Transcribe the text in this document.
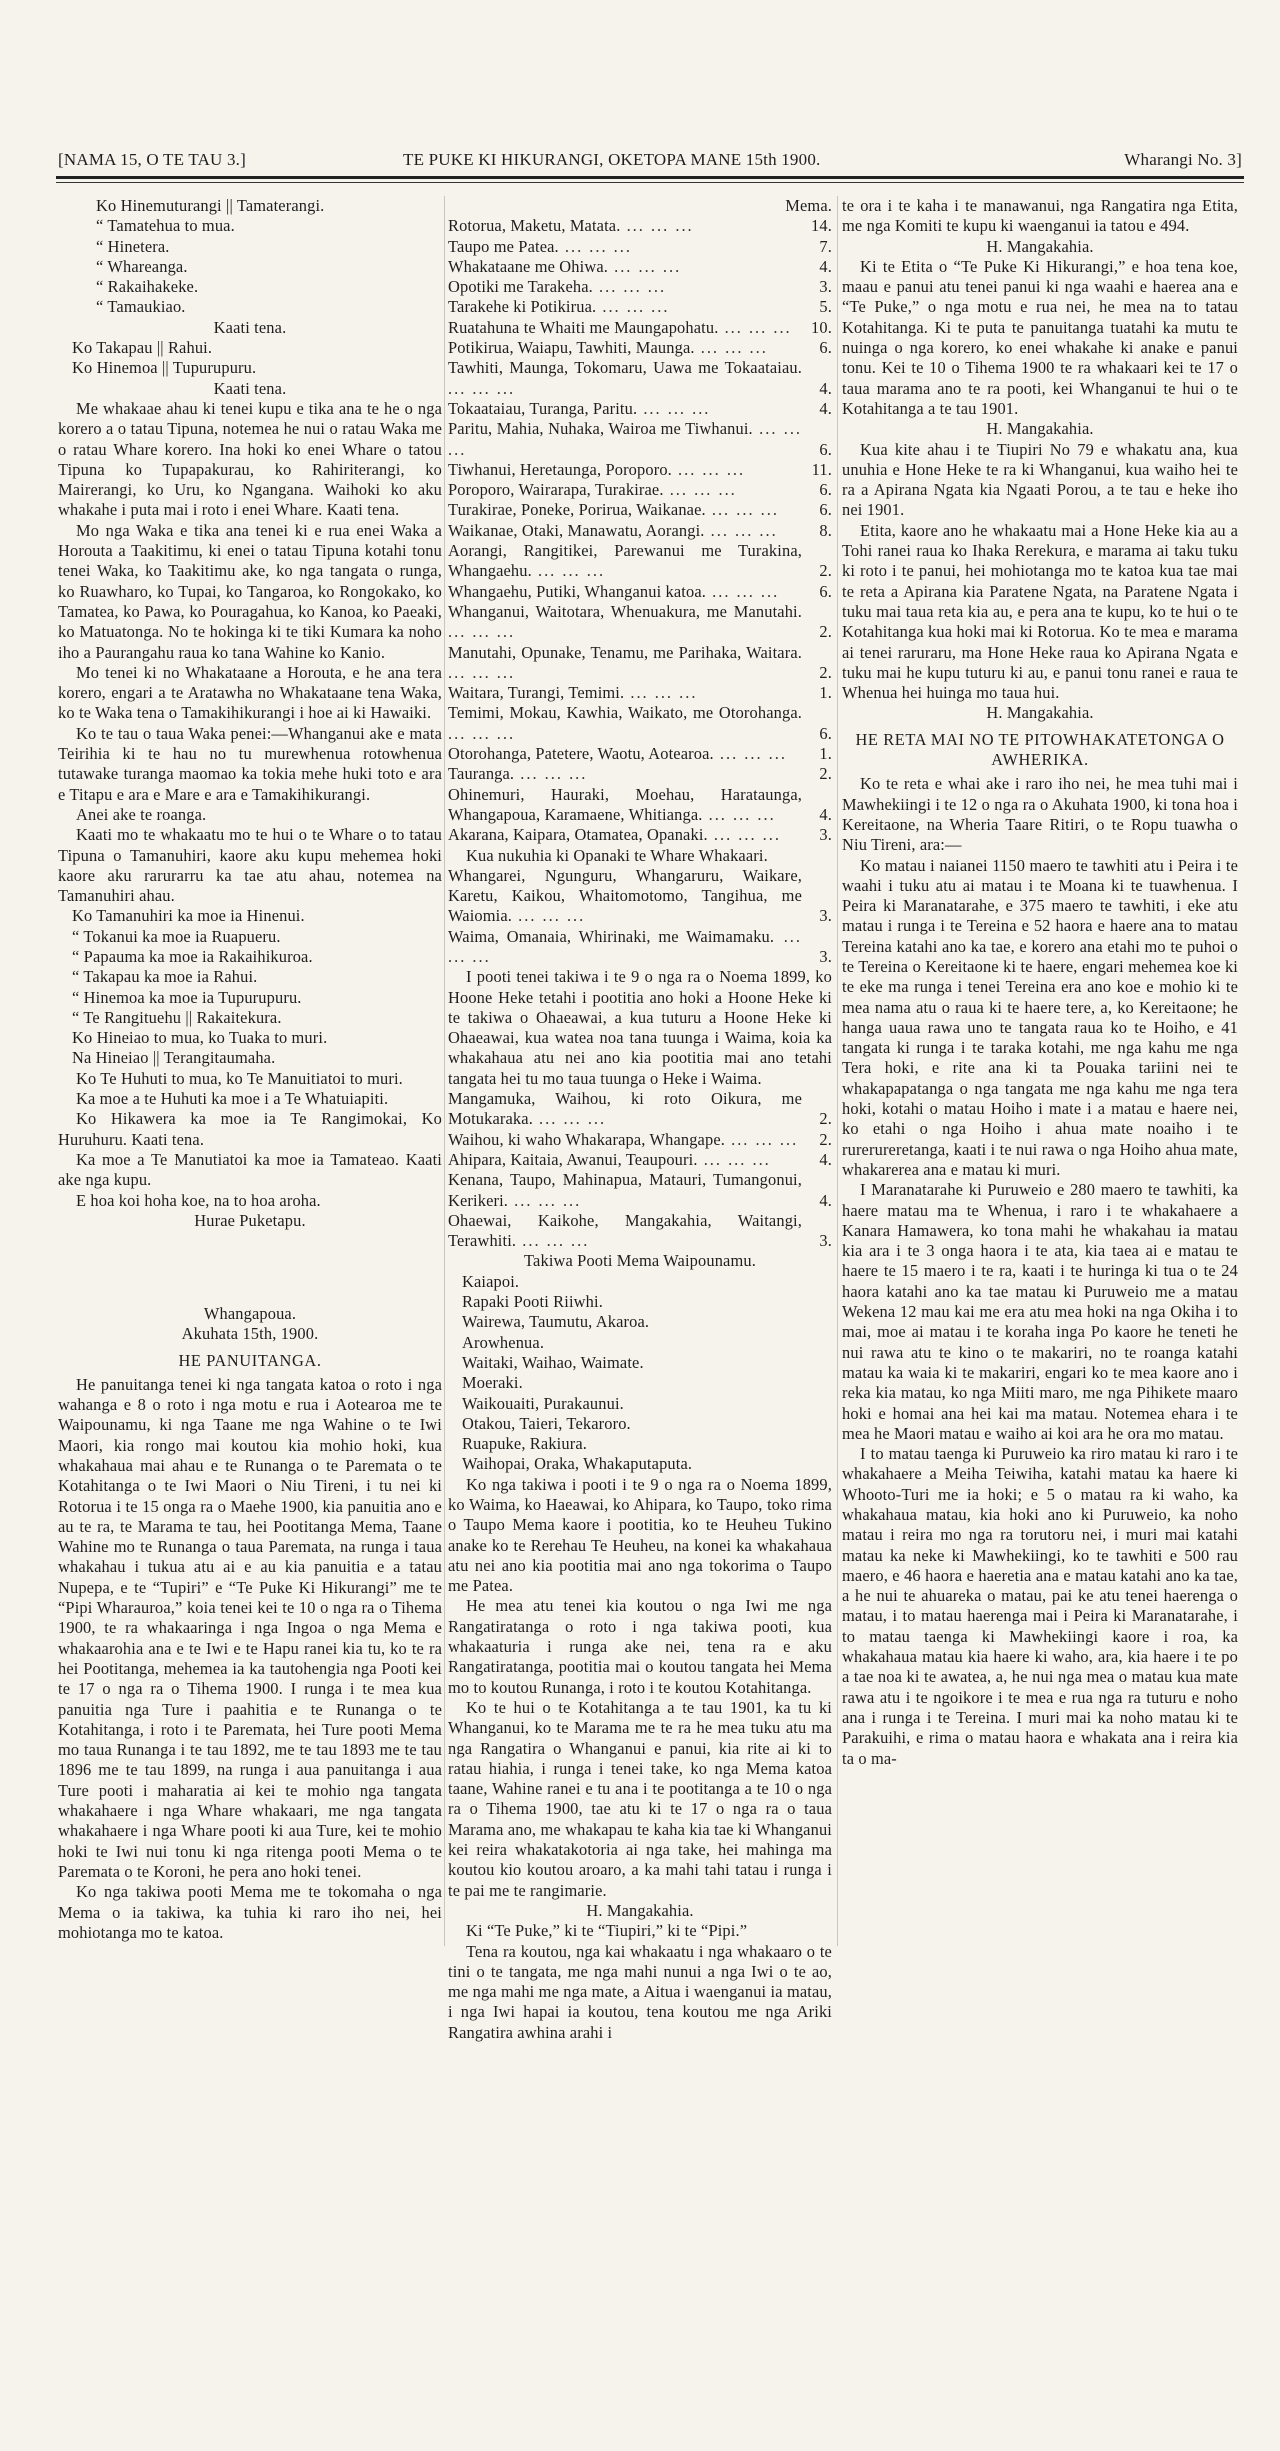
[NAMA 15, O TE TAU 3.]	TE PUKE KI HIKURANGI, OKETOPA MANE 15th 1900.	Wharangi No. 3]

Ko Hinemuturangi || Tamaterangi.

“ Tamatehua to mua.

“ Hinetera.

“ Whareanga.

“ Rakaihakeke.

“ Tamaukiao.

Kaati tena.

Ko Takapau || Rahui.

Ko Hinemoa || Tupurupuru.

Kaati tena.

Me whakaae ahau ki tenei kupu e tika ana te he o nga korero a o tatau Tipuna, notemea he nui o ratau Waka me o ratau Whare korero. Ina hoki ko enei Whare o tatou Tipuna ko Tupapakurau, ko Rahiriterangi, ko Mairerangi, ko Uru, ko Ngangana. Waihoki ko aku whakahe i puta mai i roto i enei Whare. Kaati tena.

Mo nga Waka e tika ana tenei ki e rua enei Waka a Horouta a Taakitimu, ki enei o tatau Tipuna kotahi tonu tenei Waka, ko Taakitimu ake, ko nga tangata o runga, ko Ruawharo, ko Tupai, ko Tangaroa, ko Rongokako, ko Tamatea, ko Pawa, ko Pouragahua, ko Kanoa, ko Paeaki, ko Matuatonga. No te hokinga ki te tiki Kumara ka noho iho a Paurangahu raua ko tana Wahine ko Kanio.

Mo tenei ki no Whakataane a Horouta, e he ana tera korero, engari a te Aratawha no Whakataane tena Waka, ko te Waka tena o Tamakihikurangi i hoe ai ki Hawaiki.

Ko te tau o taua Waka penei:—Whanganui ake e mata Teirihia ki te hau no tu murewhenua rotowhenua tutawake turanga maomao ka tokia mehe huki toto e ara e Titapu e ara e Mare e ara e Tamakihikurangi.

Anei ake te roanga.

Kaati mo te whakaatu mo te hui o te Whare o to tatau Tipuna o Tamanuhiri, kaore aku kupu mehemea hoki kaore aku rarurarru ka tae atu ahau, notemea na Tamanuhiri ahau.

Ko Tamanuhiri ka moe ia Hinenui.

“ Tokanui ka moe ia Ruapueru.

“ Papauma ka moe ia Rakaihikuroa.

“ Takapau ka moe ia Rahui.

“ Hinemoa ka moe ia Tupurupuru.

“ Te Rangituehu || Rakaitekura.

Ko Hineiao to mua, ko Tuaka to muri.

Na Hineiao || Terangitaumaha.

Ko Te Huhuti to mua, ko Te Manuitiatoi to muri.

Ka moe a te Huhuti ka moe i a Te Whatuiapiti.

Ko Hikawera ka moe ia Te Rangimokai, Ko Huruhuru. Kaati tena.

Ka moe a Te Manutiatoi ka moe ia Tamateao. Kaati ake nga kupu.

E hoa koi hoha koe, na to hoa aroha.

Hurae Puketapu.

Whangapoua.

Akuhata 15th, 1900.

HE PANUITANGA.

He panuitanga tenei ki nga tangata katoa o roto i nga wahanga e 8 o roto i nga motu e rua i Aotearoa me te Waipounamu, ki nga Taane me nga Wahine o te Iwi Maori, kia rongo mai koutou kia mohio hoki, kua whakahaua mai ahau e te Runanga o te Paremata o te Kotahitanga o te Iwi Maori o Niu Tireni, i tu nei ki Rotorua i te 15 onga ra o Maehe 1900, kia panuitia ano e au te ra, te Marama te tau, hei Pootitanga Mema, Taane Wahine mo te Runanga o taua Paremata, na runga i taua whakahau i tukua atu ai e au kia panuitia e a tatau Nupepa, e te “Tupiri” e “Te Puke Ki Hikurangi” me te “Pipi Wharauroa,” koia tenei kei te 10 o nga ra o Tihema 1900, te ra whakaaringa i nga Ingoa o nga Mema e whakaarohia ana e te Iwi e te Hapu ranei kia tu, ko te ra hei Pootitanga, mehemea ia ka tautohengia nga Pooti kei te 17 o nga ra o Tihema 1900. I runga i te mea kua panuitia nga Ture i paahitia e te Runanga o te Kotahitanga, i roto i te Paremata, hei Ture pooti Mema mo taua Runanga i te tau 1892, me te tau 1893 me te tau 1896 me te tau 1899, na runga i aua panuitanga i aua Ture pooti i maharatia ai kei te mohio nga tangata whakahaere i nga Whare whakaari, me nga tangata whakahaere i nga Whare pooti ki aua Ture, kei te mohio hoki te Iwi nui tonu ki nga ritenga pooti Mema o te Paremata o te Koroni, he pera ano hoki tenei.

Ko nga takiwa pooti Mema me te tokomaha o nga Mema o ia takiwa, ka tuhia ki raro iho nei, hei mohiotanga mo te katoa.

Mema.

Rotorua, Maketu, Matata. ... ... ...	14.

Taupo me Patea. ... ... ...	7.

Whakataane me Ohiwa. ... ... ...	4.

Opotiki me Tarakeha. ... ... ...	3.

Tarakehe ki Potikirua. ... ... ...	5.

Ruatahuna te Whaiti me Maungapohatu. ... ... ... 10.

Potikirua, Waiapu, Tawhiti, Maunga. ... ... ...	6.

Tawhiti, Maunga, Tokomaru, Uawa me Tokaataiau. ... ... ...	4.

Tokaataiau, Turanga, Paritu. ... ... ...	4.

Paritu, Mahia, Nuhaka, Wairoa me Tiwhanui. ... ... ...	6.

Tiwhanui, Heretaunga, Poroporo. ... ... ...	11.

Poroporo, Wairarapa, Turakirae. ... ... ...	6.

Turakirae, Poneke, Porirua, Waikanae. ... ... ... 6.

Waikanae, Otaki, Manawatu, Aorangi. ... ... ...	8.

Aorangi, Rangitikei, Parewanui me Turakina, Whangaehu. ... ... ...	2.

Whangaehu, Putiki, Whanganui katoa. ... ... ... 6.

Whanganui, Waitotara, Whenuakura, me Manutahi. ... ... ...	2.

Manutahi, Opunake, Tenamu, me Parihaka, Waitara. ... ... ...	2.

Waitara, Turangi, Temimi. ... ... ...	1.

Temimi, Mokau, Kawhia, Waikato, me Otorohanga. ... ... ...	6.

Otorohanga, Patetere, Waotu, Aotearoa. ... ... ... 1.

Tauranga. ... ... ...	2.

Ohinemuri, Hauraki, Moehau, Harataunga, Whangapoua, Karamaene, Whitianga. ... ... ...	4.

Akarana, Kaipara, Otamatea, Opanaki. ... ... ... 3.

Kua nukuhia ki Opanaki te Whare Whakaari.

Whangarei, Ngunguru, Whangaruru, Waikare, Karetu, Kaikou, Whaitomotomo, Tangihua, me Waiomia. ... ... ...	3.

Waima, Omanaia, Whirinaki, me Waimamaku. ... ... ...	3.

I pooti tenei takiwa i te 9 o nga ra o Noema 1899, ko Hoone Heke tetahi i pootitia ano hoki a Hoone Heke ki te takiwa o Ohaeawai, a kua tuturu a Hoone Heke ki Ohaeawai, kua watea noa tana tuunga i Waima, koia ka whakahaua atu nei ano kia pootitia mai ano tetahi tangata hei tu mo taua tuunga o Heke i Waima.

Mangamuka, Waihou, ki roto Oikura, me Motukaraka. ... ... ...	2.

Waihou, ki waho Whakarapa, Whangape. ... ... ... 2.

Ahipara, Kaitaia, Awanui, Teaupouri. ... ... ...	4.

Kenana, Taupo, Mahinapua, Matauri, Tumangonui, Kerikeri. ... ... ...	4.

Ohaewai, Kaikohe, Mangakahia, Waitangi, Terawhiti. ... ... ...	3.

Takiwa Pooti Mema Waipounamu.

Kaiapoi.

Rapaki Pooti Riiwhi.

Wairewa, Taumutu, Akaroa.

Arowhenua.

Waitaki, Waihao, Waimate.

Moeraki.

Waikouaiti, Purakaunui.

Otakou, Taieri, Tekaroro.

Ruapuke, Rakiura.

Waihopai, Oraka, Whakaputaputa.

Ko nga takiwa i pooti i te 9 o nga ra o Noema 1899, ko Waima, ko Haeawai, ko Ahipara, ko Taupo, toko rima o Taupo Mema kaore i pootitia, ko te Heuheu Tukino anake ko te Rerehau Te Heuheu, na konei ka whakahaua atu nei ano kia pootitia mai ano nga tokorima o Taupo me Patea.

He mea atu tenei kia koutou o nga Iwi me nga Rangatiratanga o roto i nga takiwa pooti, kua whakaaturia i runga ake nei, tena ra e aku Rangatiratanga, pootitia mai o koutou tangata hei Mema mo to koutou Runanga, i roto i te koutou Kotahitanga.

Ko te hui o te Kotahitanga a te tau 1901, ka tu ki Whanganui, ko te Marama me te ra he mea tuku atu ma nga Rangatira o Whanganui e panui, kia rite ai ki to ratau hiahia, i runga i tenei take, ko nga Mema katoa taane, Wahine ranei e tu ana i te pootitanga a te 10 o nga ra o Tihema 1900, tae atu ki te 17 o nga ra o taua Marama ano, me whakapau te kaha kia tae ki Whanganui kei reira whakatakotoria ai nga take, hei mahinga ma koutou kio koutou aroaro, a ka mahi tahi tatau i runga i te pai me te rangimarie.

H. Mangakahia.

Ki “Te Puke,” ki te “Tiupiri,” ki te “Pipi.”

Tena ra koutou, nga kai whakaatu i nga whakaaro o te tini o te tangata, me nga mahi nunui a nga Iwi o te ao, me nga mahi me nga mate, a Aitua i waenganui ia matau, i nga Iwi hapai ia koutou, tena koutou me nga Ariki Rangatira awhina arahi i

te ora i te kaha i te manawanui, nga Rangatira nga Etita, me nga Komiti te kupu ki waenganui ia tatou e 494.

H. Mangakahia.

Ki te Etita o “Te Puke Ki Hikurangi,” e hoa tena koe, maau e panui atu tenei panui ki nga waahi e haerea ana e “Te Puke,” o nga motu e rua nei, he mea na to tatau Kotahitanga. Ki te puta te panuitanga tuatahi ka mutu te nuinga o nga korero, ko enei whakahe ki anake e panui tonu. Kei te 10 o Tihema 1900 te ra whakaari kei te 17 o taua marama ano te ra pooti, kei Whanganui te hui o te Kotahitanga a te tau 1901.

H. Mangakahia.

Kua kite ahau i te Tiupiri No 79 e whakatu ana, kua unuhia e Hone Heke te ra ki Whanganui, kua waiho hei te ra a Apirana Ngata kia Ngaati Porou, a te tau e heke iho nei 1901.

Etita, kaore ano he whakaatu mai a Hone Heke kia au a Tohi ranei raua ko Ihaka Rerekura, e marama ai taku tuku ki roto i te panui, hei mohiotanga mo te katoa kua tae mai te reta a Apirana kia Paratene Ngata, na Paratene Ngata i tuku mai taua reta kia au, e pera ana te kupu, ko te hui o te Kotahitanga kua hoki mai ki Rotorua. Ko te mea e marama ai tenei raruraru, ma Hone Heke raua ko Apirana Ngata e tuku mai he kupu tuturu ki au, e panui tonu ranei e raua te Whenua hei huinga mo taua hui.

H. Mangakahia.

HE RETA MAI NO TE PITOWHAKATETONGA O AWHERIKA.

Ko te reta e whai ake i raro iho nei, he mea tuhi mai i Mawhekiingi i te 12 o nga ra o Akuhata 1900, ki tona hoa i Kereitaone, na Wheria Taare Ritiri, o te Ropu tuawha o Niu Tireni, ara:—

Ko matau i naianei 1150 maero te tawhiti atu i Peira i te waahi i tuku atu ai matau i te Moana ki te tuawhenua. I Peira ki Maranatarahe, e 375 maero te tawhiti, i eke atu matau i runga i te Tereina e 52 haora e haere ana to matau Tereina katahi ano ka tae, e korero ana etahi mo te puhoi o te Tereina o Kereitaone ki te haere, engari mehemea koe ki te eke ma runga i tenei Tereina era ano koe e mohio ki te mea nama atu o raua ki te haere tere, a, ko Kereitaone; he hanga uaua rawa uno te tangata raua ko te Hoiho, e 41 tangata ki runga i te taraka kotahi, me nga kahu me nga Tera hoki, e rite ana ki ta Pouaka tariini nei te whakapapatanga o nga tangata me nga kahu me nga tera hoki, kotahi o matau Hoiho i mate i a matau e haere nei, ko etahi o nga Hoiho i ahua mate noaiho i te rurerureretanga, kaati i te nui rawa o nga Hoiho ahua mate, whakarerea ana e matau ki muri.

I Maranatarahe ki Puruweio e 280 maero te tawhiti, ka haere matau ma te Whenua, i raro i te whakahaere a Kanara Hamawera, ko tona mahi he whakahau ia matau kia ara i te 3 onga haora i te ata, kia taea ai e matau te haere te 15 maero i te ra, kaati i te huringa ki tua o te 24 haora katahi ano ka tae matau ki Puruweio me a matau Wekena 12 mau kai me era atu mea hoki na nga Okiha i to mai, moe ai matau i te koraha inga Po kaore he teneti he nui rawa atu te kino o te makariri, no te roanga katahi matau ka waia ki te makariri, engari ko te mea kaore ano i reka kia matau, ko nga Miiti maro, me nga Pihikete maaro hoki e homai ana hei kai ma matau. Notemea ehara i te mea he Maori matau e waiho ai koi ara he ora mo matau.

I to matau taenga ki Puruweio ka riro matau ki raro i te whakahaere a Meiha Teiwiha, katahi matau ka haere ki Whooto-Turi me ia hoki; e 5 o matau ra ki waho, ka whakahaua matau, kia hoki ano ki Puruweio, ka noho matau i reira mo nga ra torutoru nei, i muri mai katahi matau ka neke ki Mawhekiingi, ko te tawhiti e 500 rau maero, e 46 haora e haeretia ana e matau katahi ano ka tae, a he nui te ahuareka o matau, pai ke atu tenei haerenga o matau, i to matau haerenga mai i Peira ki Maranatarahe, i to matau taenga ki Mawhekiingi kaore i roa, ka whakahaua matau kia haere ki waho, ara, kia haere i te po a tae noa ki te awatea, a, he nui nga mea o matau kua mate rawa atu i te ngoikore i te mea e rua nga ra tuturu e noho ana i runga i te Tereina. I muri mai ka noho matau ki te Parakuihi, e rima o matau haora e whakata ana i reira kia ta o ma-
